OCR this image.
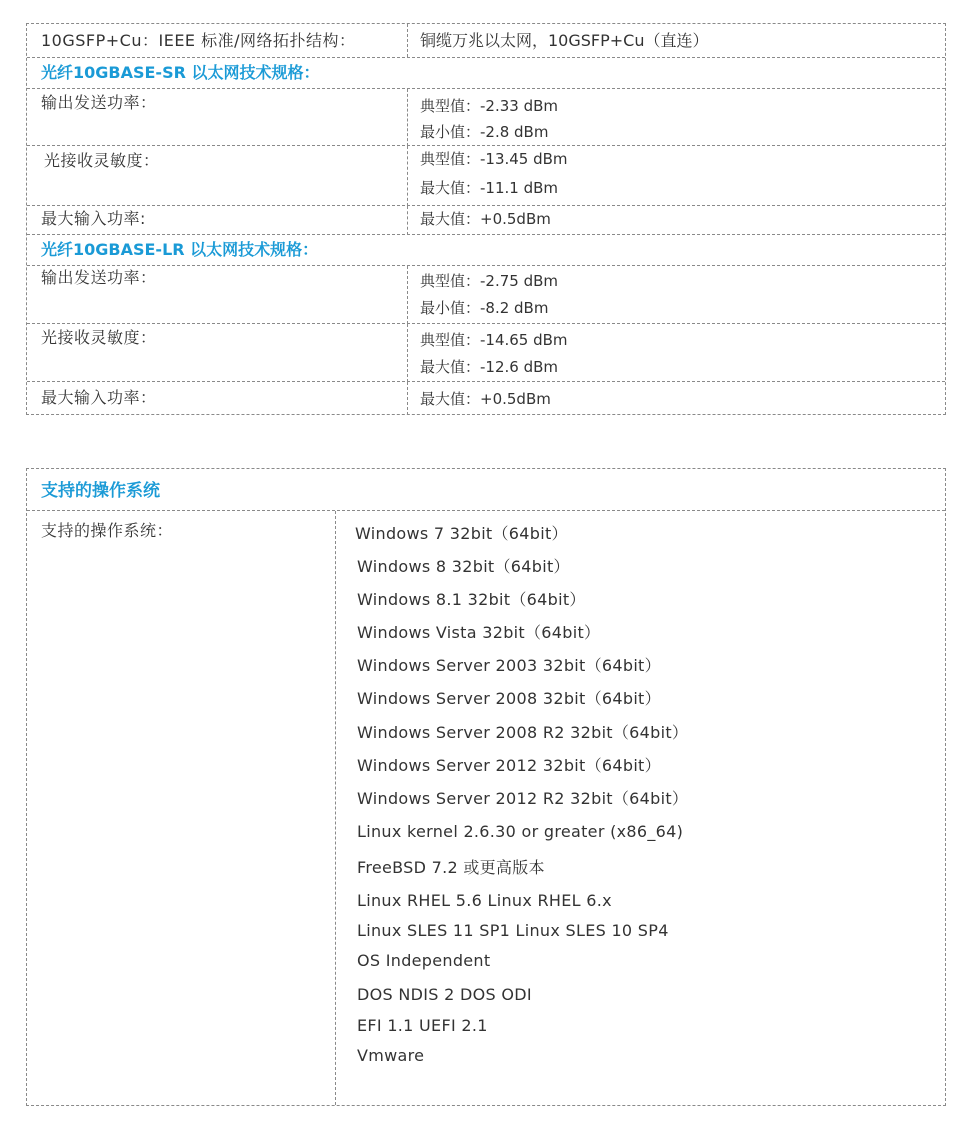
10GSFP+Cu：IEEE 标准/网络拓扑结构：	铜缆万兆以太网，10GSFP+Cu（直连）
光纤10GBASE-SR 以太网技术规格：
输出发送功率：	典型值：-2.33 dBm
最小值：-2.8 dBm
光接收灵敏度：	典型值：-13.45 dBm
最大值：-11.1 dBm
最大输入功率:	最大值：+0.5dBm
光纤10GBASE-LR 以太网技术规格：
输出发送功率：	典型值：-2.75 dBm
最小值：-8.2 dBm
光接收灵敏度：	典型值：-14.65 dBm
最大值：-12.6 dBm
最大输入功率：	最大值：+0.5dBm
支持的操作系统
支持的操作系统：	Windows 7 32bit（64bit）
Windows 8 32bit（64bit）
Windows 8.1 32bit（64bit）
Windows Vista 32bit（64bit）
Windows Server 2003 32bit（64bit）
Windows Server 2008 32bit（64bit）
Windows Server 2008 R2 32bit（64bit）
Windows Server 2012 32bit（64bit）
Windows Server 2012 R2 32bit（64bit）
Linux kernel 2.6.30 or greater (x86_64)
FreeBSD 7.2 或更高版本
Linux RHEL 5.6 Linux RHEL 6.x
Linux SLES 11 SP1 Linux SLES 10 SP4
OS Independent
DOS NDIS 2 DOS ODI
EFI 1.1 UEFI 2.1
Vmware
